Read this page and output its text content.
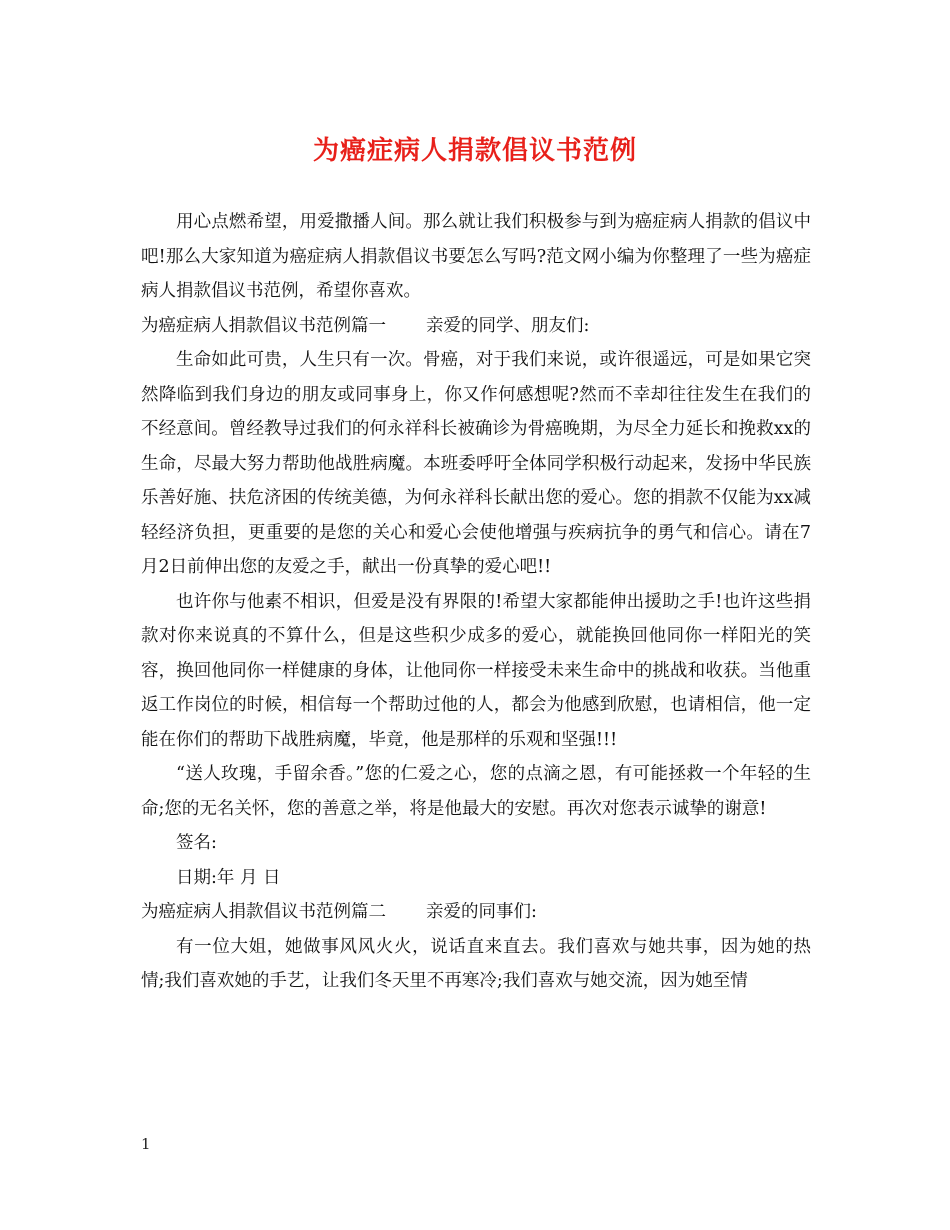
为癌症病人捐款倡议书范例

用心点燃希望，用爱撒播人间。那么就让我们积极参与到为癌症病人捐款的倡议中吧!那么大家知道为癌症病人捐款倡议书要怎么写吗?范文网小编为你整理了一些为癌症病人捐款倡议书范例，希望你喜欢。

为癌症病人捐款倡议书范例篇一 亲爱的同学、朋友们:

生命如此可贵，人生只有一次。骨癌，对于我们来说，或许很遥远，可是如果它突然降临到我们身边的朋友或同事身上，你又作何感想呢?然而不幸却往往发生在我们的不经意间。曾经教导过我们的何永祥科长被确诊为骨癌晚期，为尽全力延长和挽救xx的生命，尽最大努力帮助他战胜病魔。本班委呼吁全体同学积极行动起来，发扬中华民族乐善好施、扶危济困的传统美德，为何永祥科长献出您的爱心。您的捐款不仅能为xx减轻经济负担，更重要的是您的关心和爱心会使他增强与疾病抗争的勇气和信心。请在7月2日前伸出您的友爱之手，献出一份真挚的爱心吧!!

也许你与他素不相识，但爱是没有界限的!希望大家都能伸出援助之手!也许这些捐款对你来说真的不算什么，但是这些积少成多的爱心，就能换回他同你一样阳光的笑容，换回他同你一样健康的身体，让他同你一样接受未来生命中的挑战和收获。当他重返工作岗位的时候，相信每一个帮助过他的人，都会为他感到欣慰，也请相信，他一定能在你们的帮助下战胜病魔，毕竟，他是那样的乐观和坚强!!!

“送人玫瑰，手留余香。”您的仁爱之心，您的点滴之恩，有可能拯救一个年轻的生命;您的无名关怀，您的善意之举，将是他最大的安慰。再次对您表示诚挚的谢意!

签名:

日期:年 月 日

为癌症病人捐款倡议书范例篇二 亲爱的同事们:

有一位大姐，她做事风风火火，说话直来直去。我们喜欢与她共事，因为她的热情;我们喜欢她的手艺，让我们冬天里不再寒冷;我们喜欢与她交流，因为她至情

1
